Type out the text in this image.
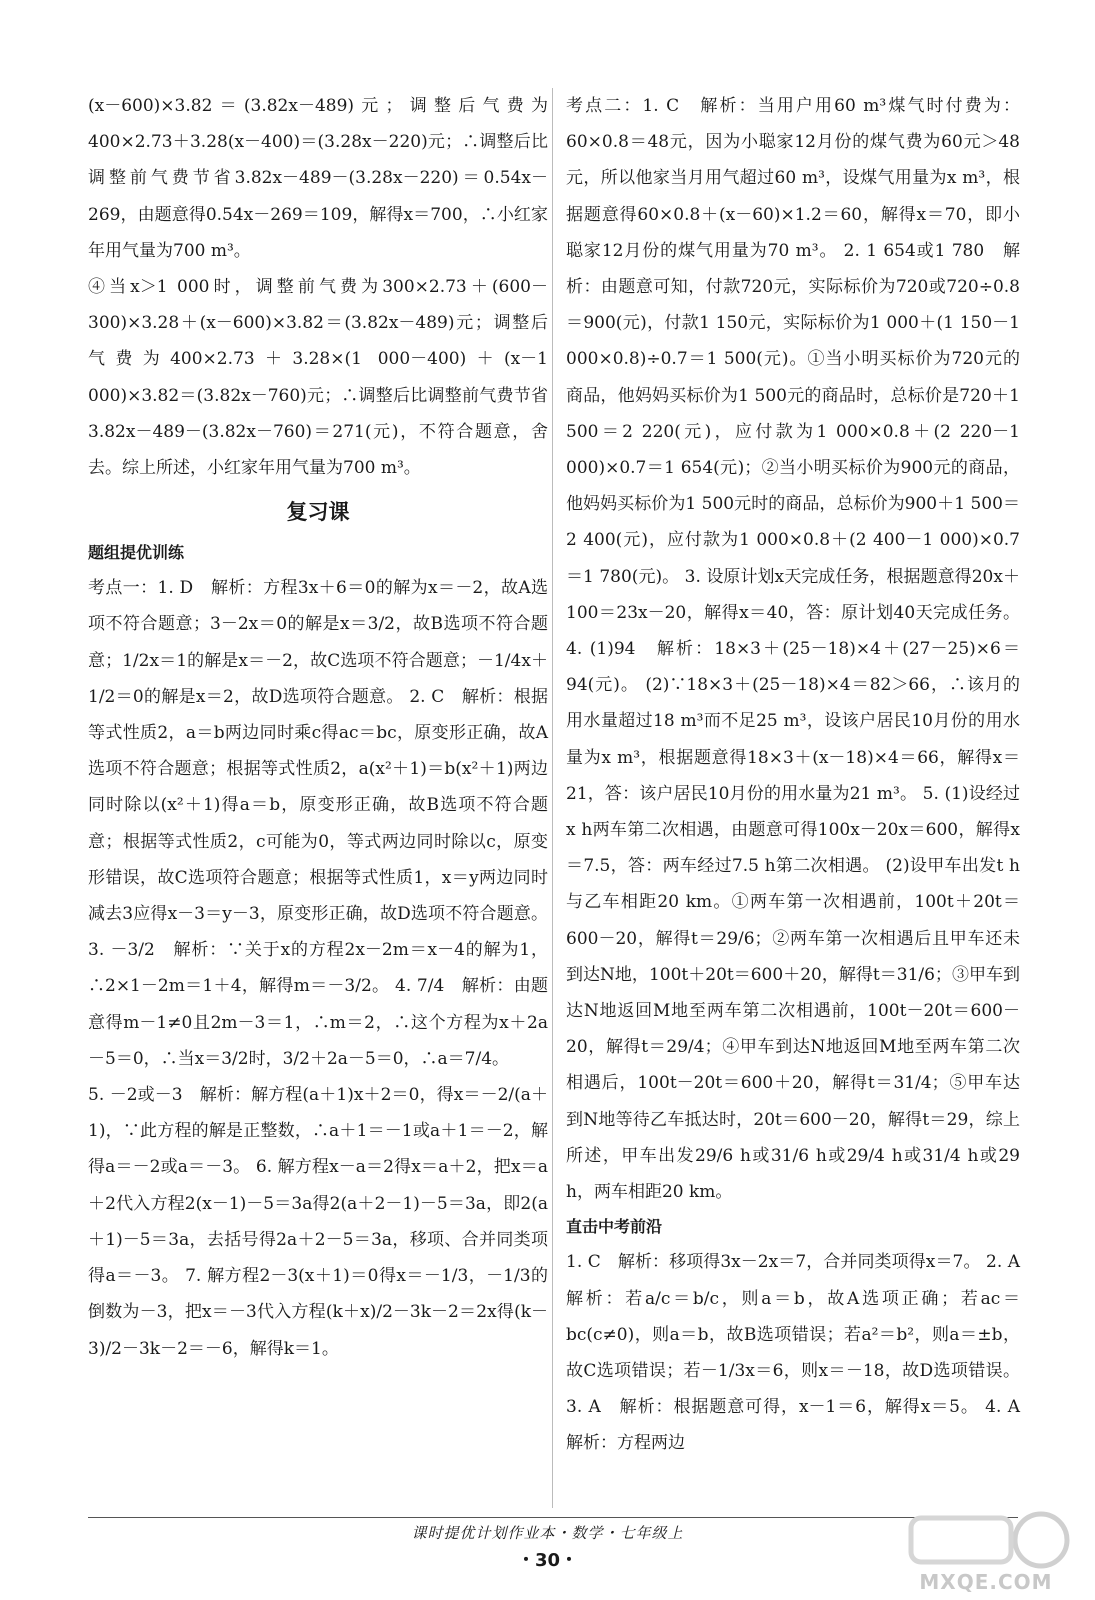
(x－600)×3.82＝(3.82x－489)元；调整后气费为400×2.73＋3.28(x－400)＝(3.28x－220)元；∴调整后比调整前气费节省3.82x－489－(3.28x－220)＝0.54x－269，由题意得0.54x－269＝109，解得x＝700，∴小红家年用气量为700 m³。

④当x＞1 000时，调整前气费为300×2.73＋(600－300)×3.28＋(x－600)×3.82＝(3.82x－489)元；调整后气费为400×2.73＋3.28×(1 000－400)＋(x－1 000)×3.82＝(3.82x－760)元；∴调整后比调整前气费节省3.82x－489－(3.82x－760)＝271(元)，不符合题意，舍去。综上所述，小红家年用气量为700 m³。

复习课

题组提优训练

考点一：1. D　解析：方程3x＋6＝0的解为x＝－2，故A选项不符合题意；3－2x＝0的解是x＝3/2，故B选项不符合题意；1/2x＝1的解是x＝－2，故C选项不符合题意；－1/4x＋1/2＝0的解是x＝2，故D选项符合题意。 2. C　解析：根据等式性质2，a＝b两边同时乘c得ac＝bc，原变形正确，故A选项不符合题意；根据等式性质2，a(x²＋1)＝b(x²＋1)两边同时除以(x²＋1)得a＝b，原变形正确，故B选项不符合题意；根据等式性质2，c可能为0，等式两边同时除以c，原变形错误，故C选项符合题意；根据等式性质1，x＝y两边同时减去3应得x－3＝y－3，原变形正确，故D选项不符合题意。 3. －3/2　解析：∵关于x的方程2x－2m＝x－4的解为1，∴2×1－2m＝1＋4，解得m＝－3/2。 4. 7/4　解析：由题意得m－1≠0且2m－3＝1，∴m＝2，∴这个方程为x＋2a－5＝0，∴当x＝3/2时，3/2＋2a－5＝0，∴a＝7/4。

5. －2或－3　解析：解方程(a＋1)x＋2＝0，得x＝－2/(a＋1)，∵此方程的解是正整数，∴a＋1＝－1或a＋1＝－2，解得a＝－2或a＝－3。 6. 解方程x－a＝2得x＝a＋2，把x＝a＋2代入方程2(x－1)－5＝3a得2(a＋2－1)－5＝3a，即2(a＋1)－5＝3a，去括号得2a＋2－5＝3a，移项、合并同类项得a＝－3。 7. 解方程2－3(x＋1)＝0得x＝－1/3，－1/3的倒数为－3，把x＝－3代入方程(k＋x)/2－3k－2＝2x得(k－3)/2－3k－2＝－6，解得k＝1。

考点二：1. C　解析：当用户用60 m³煤气时付费为：60×0.8＝48元，因为小聪家12月份的煤气费为60元＞48元，所以他家当月用气超过60 m³，设煤气用量为x m³，根据题意得60×0.8＋(x－60)×1.2＝60，解得x＝70，即小聪家12月份的煤气用量为70 m³。 2. 1 654或1 780　解析：由题意可知，付款720元，实际标价为720或720÷0.8＝900(元)，付款1 150元，实际标价为1 000＋(1 150－1 000×0.8)÷0.7＝1 500(元)。①当小明买标价为720元的商品，他妈妈买标价为1 500元的商品时，总标价是720＋1 500＝2 220(元)，应付款为1 000×0.8＋(2 220－1 000)×0.7＝1 654(元)；②当小明买标价为900元的商品，他妈妈买标价为1 500元时的商品，总标价为900＋1 500＝2 400(元)，应付款为1 000×0.8＋(2 400－1 000)×0.7＝1 780(元)。 3. 设原计划x天完成任务，根据题意得20x＋100＝23x－20，解得x＝40，答：原计划40天完成任务。 4. (1)94　解析：18×3＋(25－18)×4＋(27－25)×6＝94(元)。 (2)∵18×3＋(25－18)×4＝82＞66，∴该月的用水量超过18 m³而不足25 m³，设该户居民10月份的用水量为x m³，根据题意得18×3＋(x－18)×4＝66，解得x＝21，答：该户居民10月份的用水量为21 m³。 5. (1)设经过x h两车第二次相遇，由题意可得100x－20x＝600，解得x＝7.5，答：两车经过7.5 h第二次相遇。 (2)设甲车出发t h与乙车相距20 km。①两车第一次相遇前，100t＋20t＝600－20，解得t＝29/6；②两车第一次相遇后且甲车还未到达N地，100t＋20t＝600＋20，解得t＝31/6；③甲车到达N地返回M地至两车第二次相遇前，100t－20t＝600－20，解得t＝29/4；④甲车到达N地返回M地至两车第二次相遇后，100t－20t＝600＋20，解得t＝31/4；⑤甲车达到N地等待乙车抵达时，20t＝600－20，解得t＝29，综上所述，甲车出发29/6 h或31/6 h或29/4 h或31/4 h或29 h，两车相距20 km。

直击中考前沿

1. C　解析：移项得3x－2x＝7，合并同类项得x＝7。 2. A　解析：若a/c＝b/c，则a＝b，故A选项正确；若ac＝bc(c≠0)，则a＝b，故B选项错误；若a²＝b²，则a＝±b，故C选项错误；若－1/3x＝6，则x＝－18，故D选项错误。 3. A　解析：根据题意可得，x－1＝6，解得x＝5。 4. A　解析：方程两边

课时提优计划作业本・数学・七年级上
・30・
MXQE.COM
